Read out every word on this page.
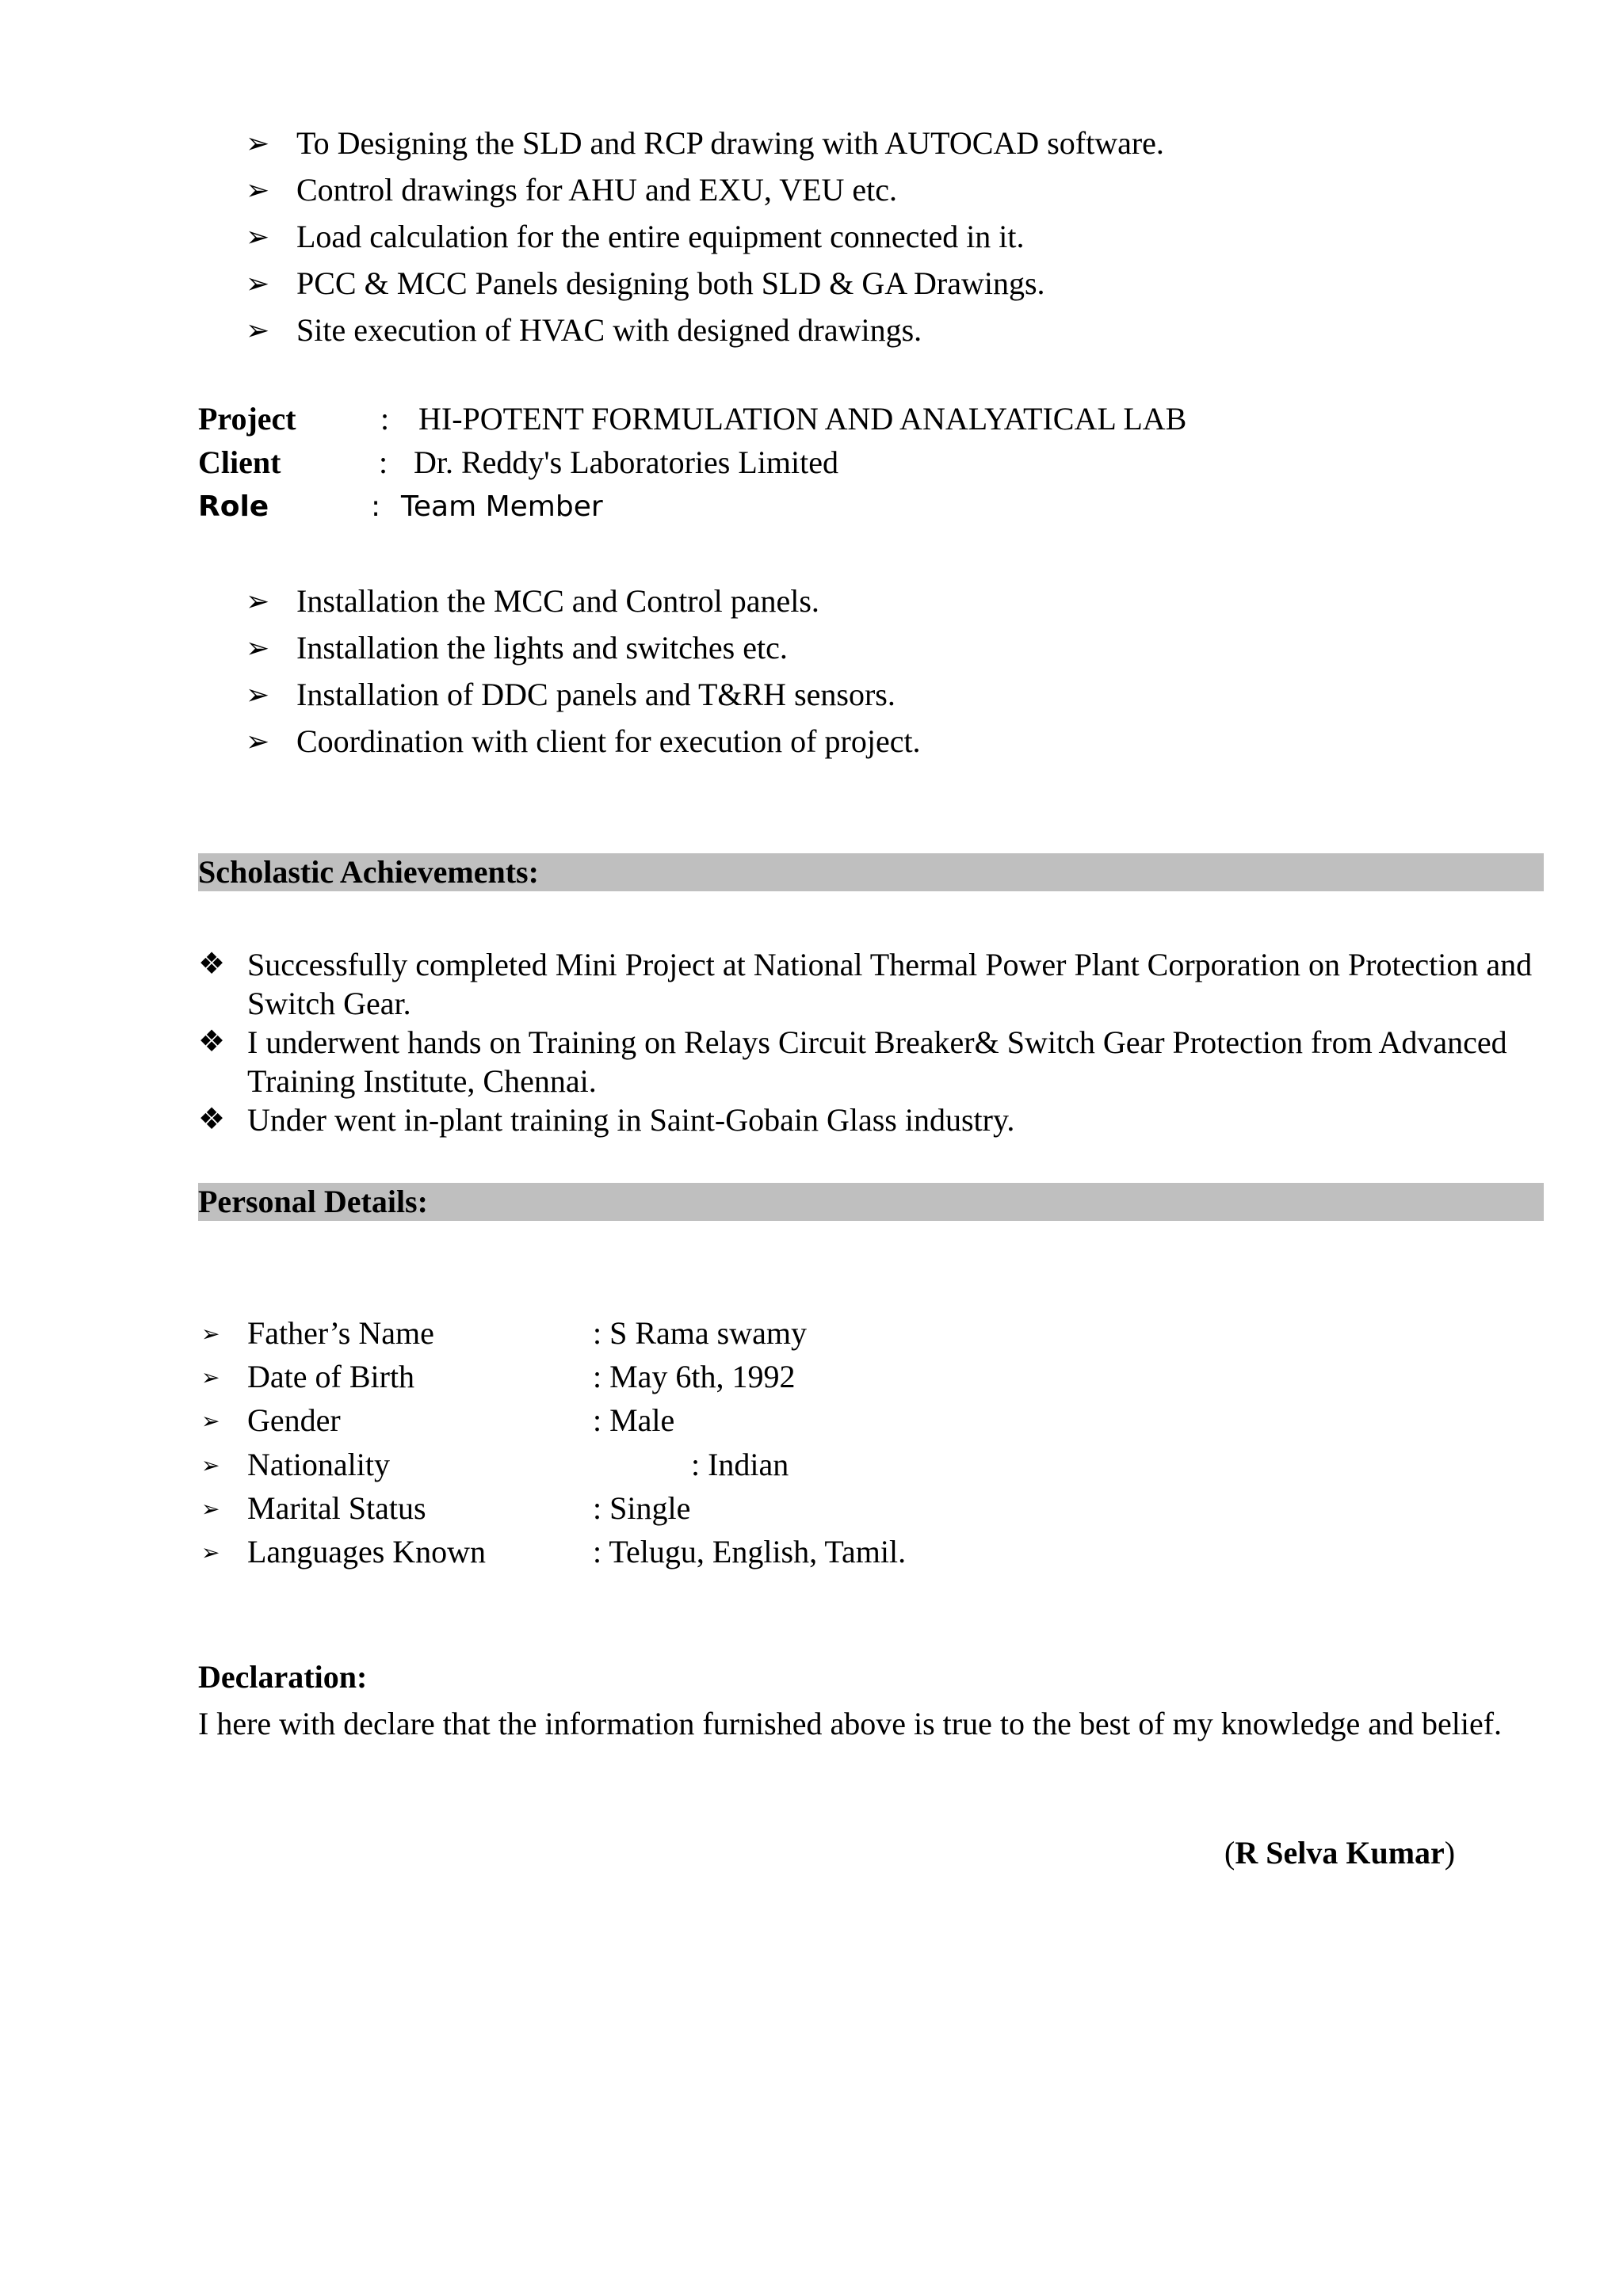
➢ To Designing the SLD and RCP drawing with AUTOCAD software.
➢ Control drawings for AHU and EXU, VEU etc.
➢ Load calculation for the entire equipment connected in it.
➢ PCC & MCC Panels designing both SLD & GA Drawings.
➢ Site execution of HVAC with designed drawings.
Project	: HI-POTENT FORMULATION AND ANALYATICAL LAB
Client	: Dr. Reddy's Laboratories Limited
Role	: Team Member
➢ Installation the MCC and Control panels.
➢ Installation the lights and switches etc.
➢ Installation of DDC panels and T&RH sensors.
➢ Coordination with client for execution of project.
Scholastic Achievements:
❖ Successfully completed Mini Project at National Thermal Power Plant Corporation on Protection and Switch Gear.
❖ I underwent hands on Training on Relays Circuit Breaker& Switch Gear Protection from Advanced Training Institute, Chennai.
❖ Under went in-plant training in Saint-Gobain Glass industry.
Personal Details:
➢ Father’s Name	: S Rama swamy
➢ Date of Birth	: May 6th, 1992
➢ Gender	: Male
➢ Nationality	: Indian
➢ Marital Status	: Single
➢ Languages Known	: Telugu, English, Tamil.
Declaration:
I here with declare that the information furnished above is true to the best of my knowledge and belief.
(R Selva Kumar)
